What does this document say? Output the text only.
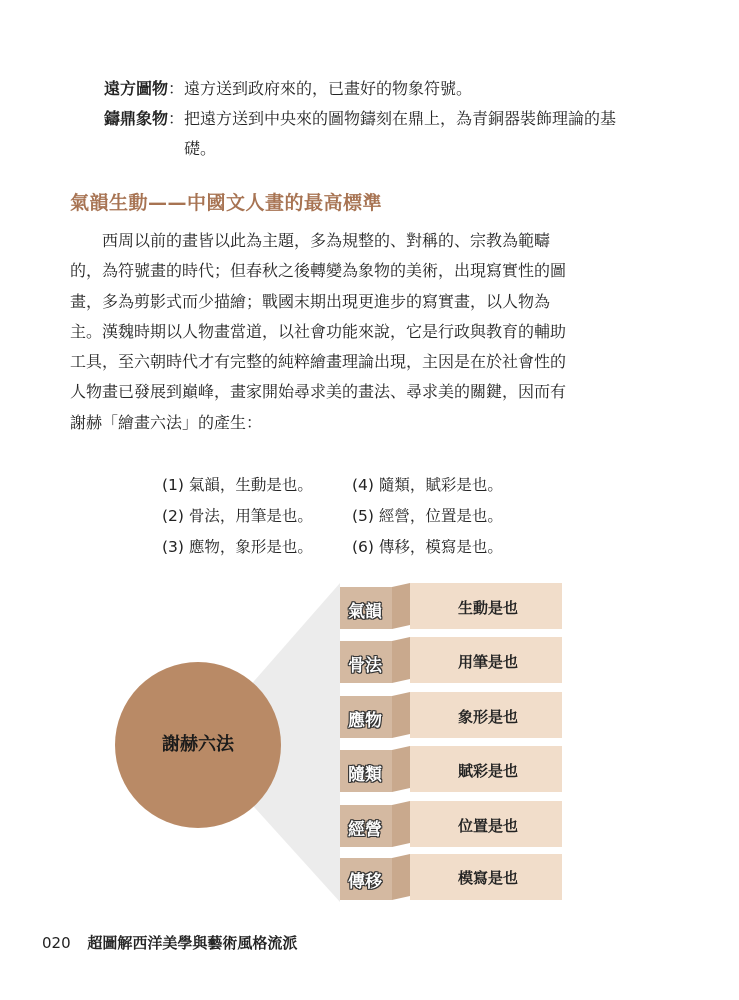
遠方圖物 ： 遠方送到政府來的，已畫好的物象符號。
鑄鼎象物 ： 把遠方送到中央來的圖物鑄刻在鼎上，為青銅器裝飾理論的基礎。
氣韻生動——中國文人畫的最高標準
　　西周以前的畫皆以此為主題，多為規整的、對稱的、宗教為範疇
的，為符號畫的時代；但春秋之後轉變為象物的美術，出現寫實性的圖
畫，多為剪影式而少描繪；戰國末期出現更進步的寫實畫，以人物為
主。漢魏時期以人物畫當道，以社會功能來說，它是行政與教育的輔助
工具，至六朝時代才有完整的純粹繪畫理論出現，主因是在於社會性的
人物畫已發展到巔峰，畫家開始尋求美的畫法、尋求美的關鍵，因而有
謝赫「繪畫六法」的產生：
(1) 氣韻，生動是也。
(2) 骨法，用筆是也。
(3) 應物，象形是也。
(4) 隨類，賦彩是也。
(5) 經營，位置是也。
(6) 傳移，模寫是也。
謝赫六法
氣韻
骨法
應物
隨類
經營
傳移
生動是也
用筆是也
象形是也
賦彩是也
位置是也
模寫是也
020 超圖解西洋美學與藝術風格流派
